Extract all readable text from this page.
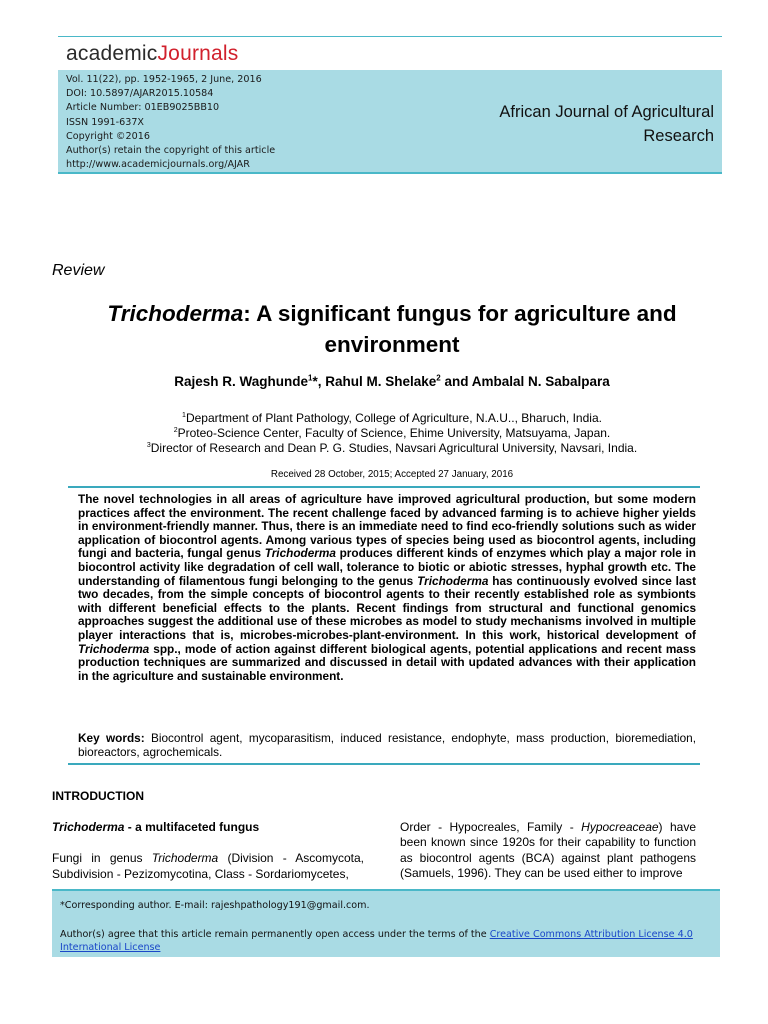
academicJournals
Vol. 11(22), pp. 1952-1965, 2 June, 2016
DOI: 10.5897/AJAR2015.10584
Article Number: 01EB9025BB10
ISSN 1991-637X
Copyright ©2016
Author(s) retain the copyright of this article
http://www.academicjournals.org/AJAR
African Journal of Agricultural
Research
Review
Trichoderma: A significant fungus for agriculture and
environment
Rajesh R. Waghunde$^1$*, Rahul M. Shelake$^2$ and Ambalal N. Sabalpara
$^1$Department of Plant Pathology, College of Agriculture, N.A.U.., Bharuch, India.
$^2$Proteo-Science Center, Faculty of Science, Ehime University, Matsuyama, Japan.
$^3$Director of Research and Dean P. G. Studies, Navsari Agricultural University, Navsari, India.
Received 28 October, 2015; Accepted 27 January, 2016
The novel technologies in all areas of agriculture have improved agricultural production, but some modern practices affect the environment. The recent challenge faced by advanced farming is to achieve higher yields in environment-friendly manner. Thus, there is an immediate need to find eco-friendly solutions such as wider application of biocontrol agents. Among various types of species being used as biocontrol agents, including fungi and bacteria, fungal genus Trichoderma produces different kinds of enzymes which play a major role in biocontrol activity like degradation of cell wall, tolerance to biotic or abiotic stresses, hyphal growth etc. The understanding of filamentous fungi belonging to the genus Trichoderma has continuously evolved since last two decades, from the simple concepts of biocontrol agents to their recently established role as symbionts with different beneficial effects to the plants. Recent findings from structural and functional genomics approaches suggest the additional use of these microbes as model to study mechanisms involved in multiple player interactions that is, microbes-microbes-plant-environment. In this work, historical development of Trichoderma spp., mode of action against different biological agents, potential applications and recent mass production techniques are summarized and discussed in detail with updated advances with their application in the agriculture and sustainable environment.
Key words: Biocontrol agent, mycoparasitism, induced resistance, endophyte, mass production, bioremediation, bioreactors, agrochemicals.
INTRODUCTION
Trichoderma - a multifaceted fungus
Fungi in genus Trichoderma (Division - Ascomycota, Subdivision - Pezizomycotina, Class - Sordariomycetes,
Order - Hypocreales, Family - Hypocreaceae) have been known since 1920s for their capability to function as biocontrol agents (BCA) against plant pathogens (Samuels, 1996). They can be used either to improve

*Corresponding author. E-mail: rajeshpathology191@gmail.com.

Author(s) agree that this article remain permanently open access under the terms of the Creative Commons Attribution License 4.0 International License
